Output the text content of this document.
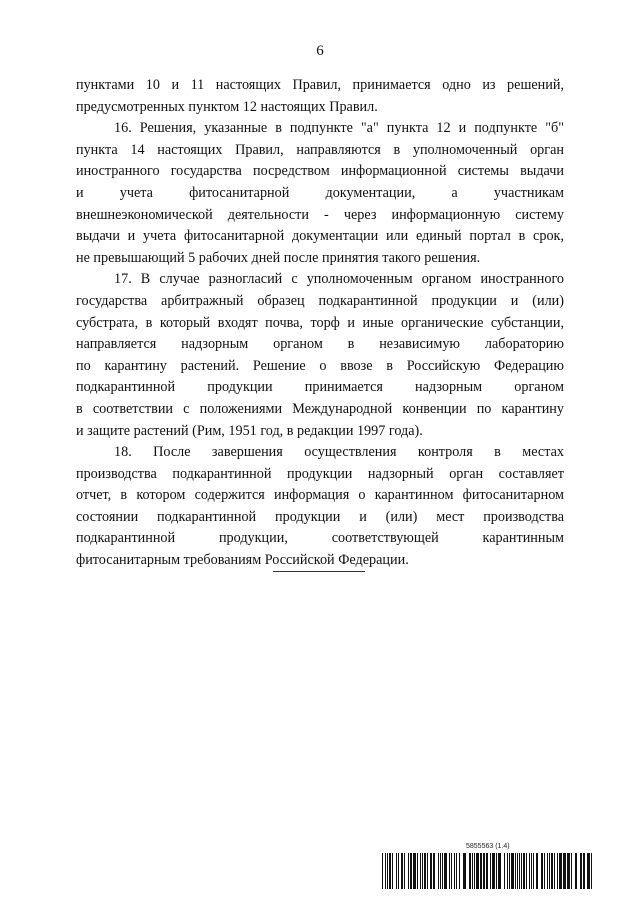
6

пунктами 10 и 11 настоящих Правил, принимается одно из решений,
предусмотренных пунктом 12 настоящих Правил.

16. Решения, указанные в подпункте "а" пункта 12 и подпункте "б"
пункта 14 настоящих Правил, направляются в уполномоченный орган
иностранного государства посредством информационной системы выдачи
и учета фитосанитарной документации, а участникам
внешнеэкономической деятельности - через информационную систему
выдачи и учета фитосанитарной документации или единый портал в срок,
не превышающий 5 рабочих дней после принятия такого решения.

17. В случае разногласий с уполномоченным органом иностранного
государства арбитражный образец подкарантинной продукции и (или)
субстрата, в который входят почва, торф и иные органические субстанции,
направляется надзорным органом в независимую лабораторию
по карантину растений. Решение о ввозе в Российскую Федерацию
подкарантинной продукции принимается надзорным органом
в соответствии с положениями Международной конвенции по карантину
и защите растений (Рим, 1951 год, в редакции 1997 года).

18. После завершения осуществления контроля в местах
производства подкарантинной продукции надзорный орган составляет
отчет, в котором содержится информация о карантинном фитосанитарном
состоянии подкарантинной продукции и (или) мест производства
подкарантинной продукции, соответствующей карантинным
фитосанитарным требованиям Российской Федерации.

5855563 (1.4)
